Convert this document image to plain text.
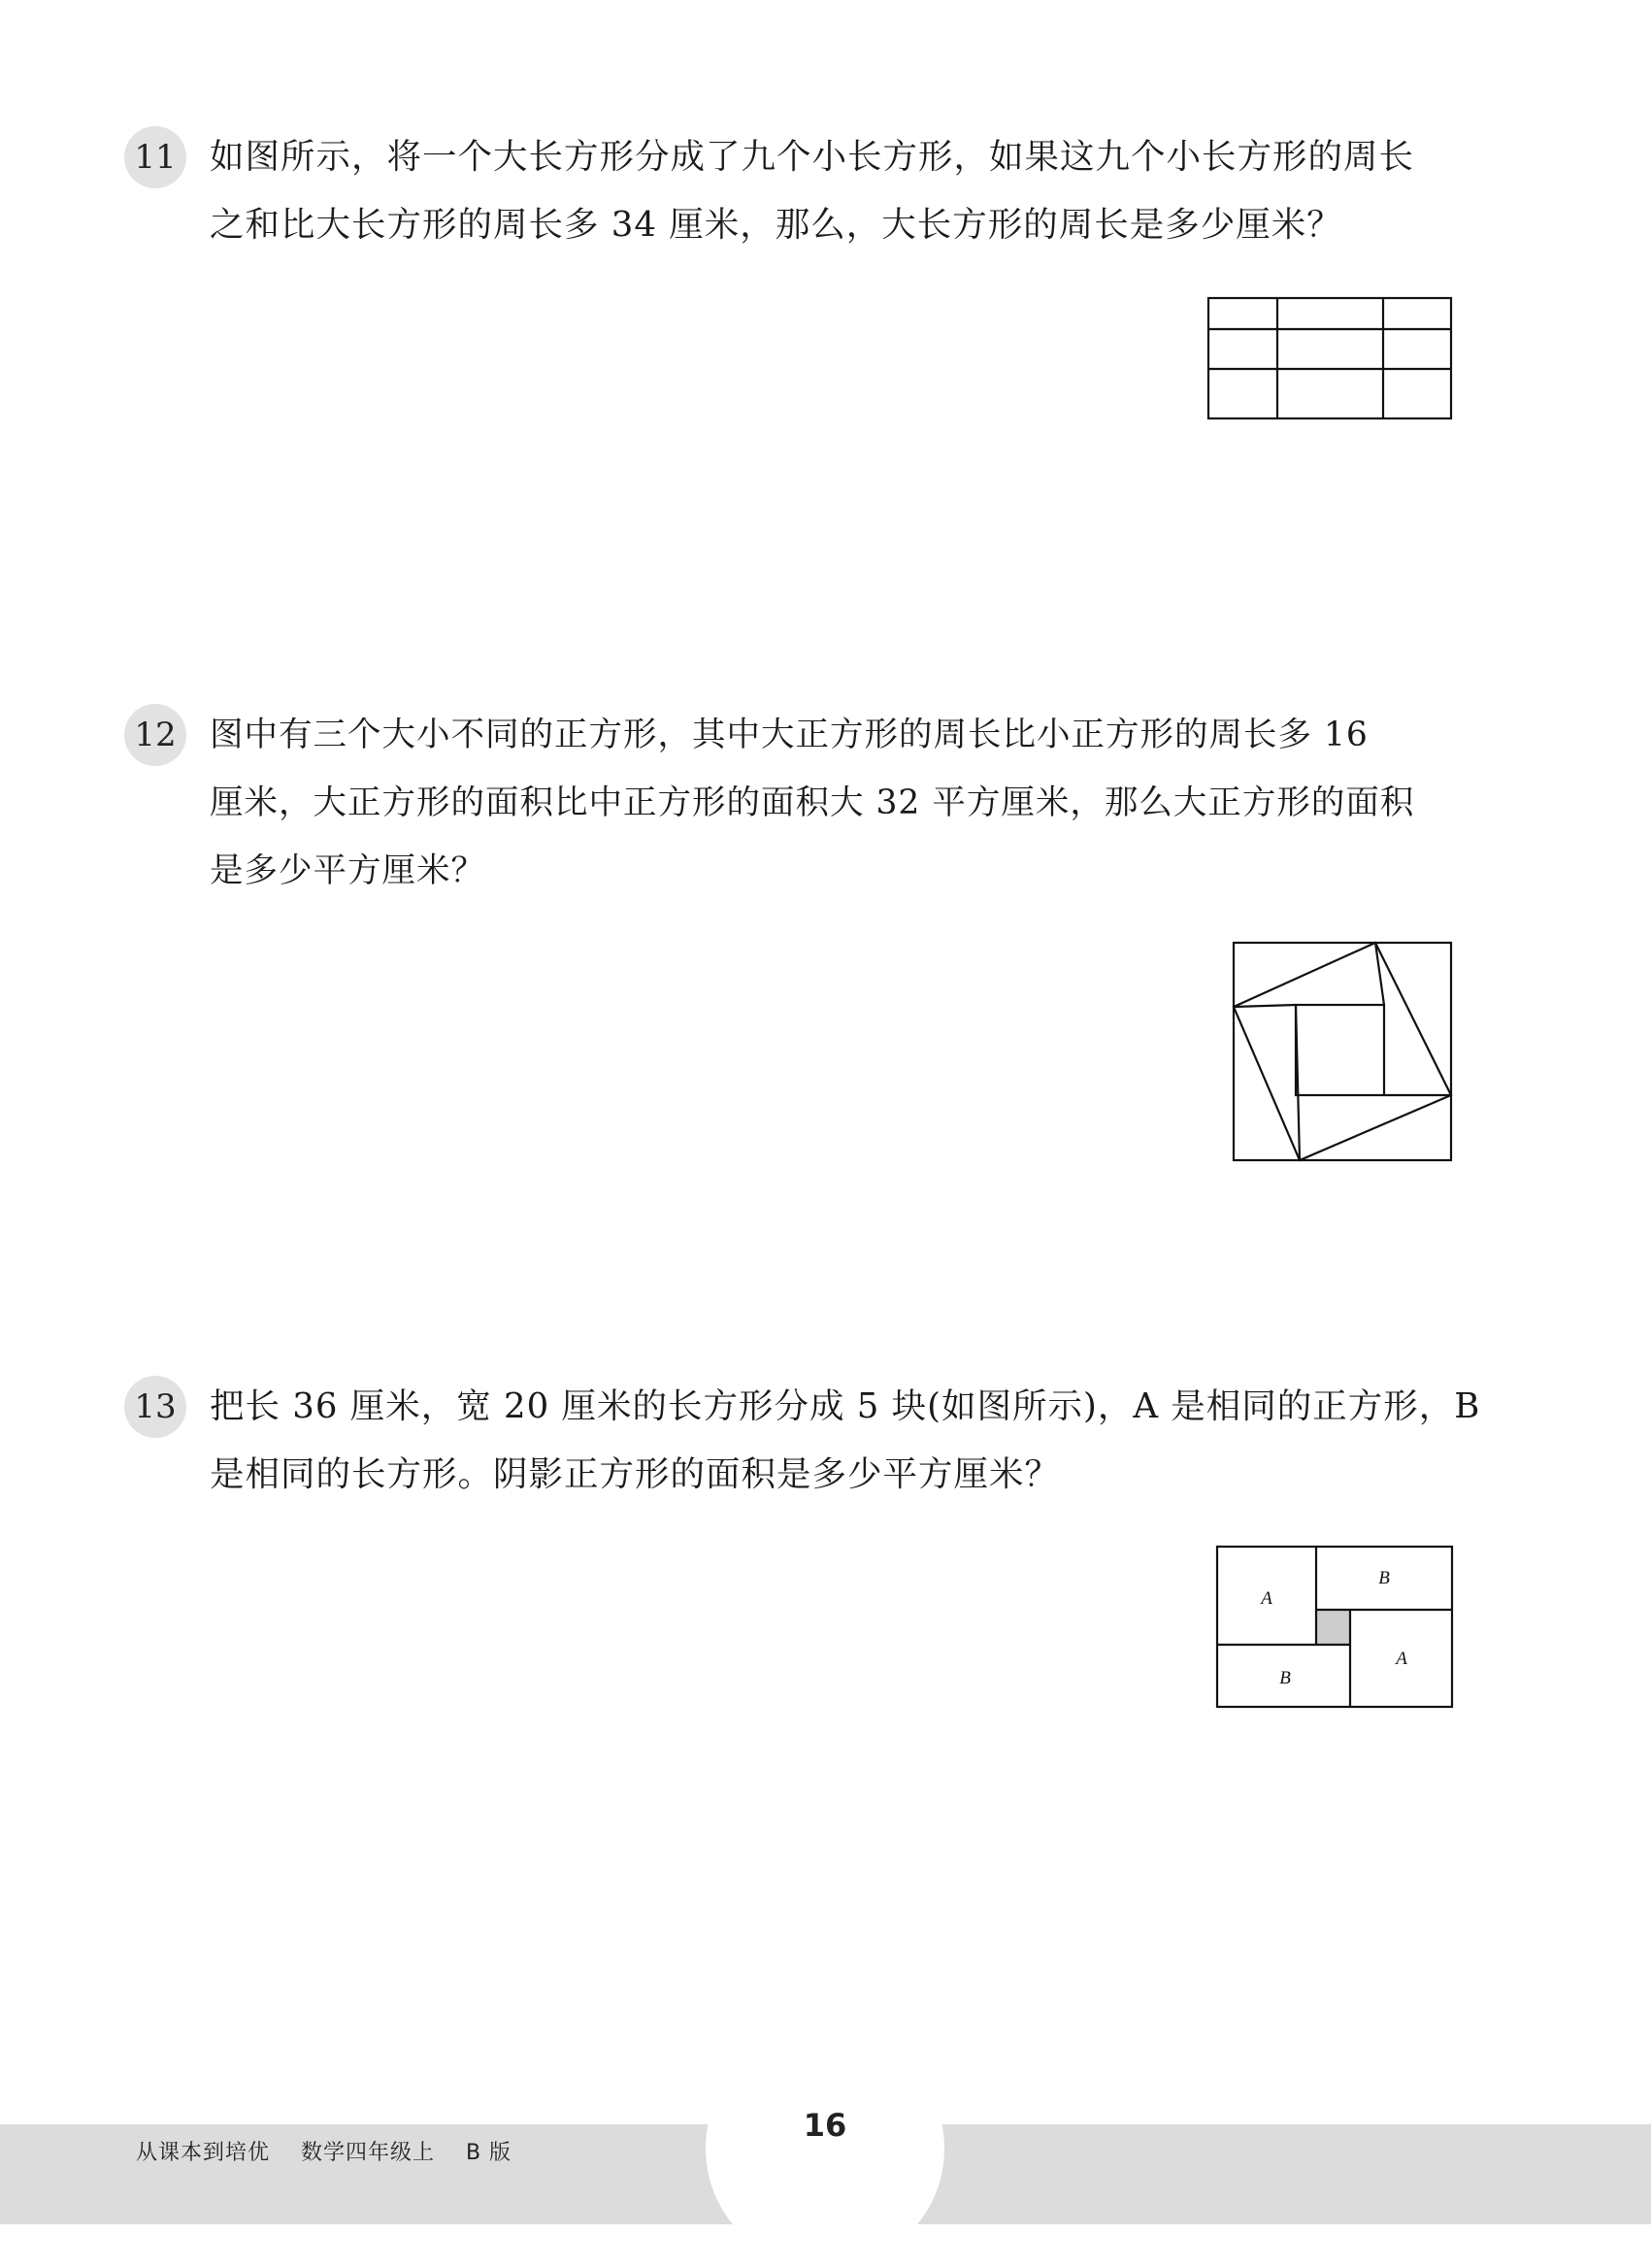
11 如图所示，将一个大长方形分成了九个小长方形，如果这九个小长方形的周长
之和比大长方形的周长多 34 厘米，那么，大长方形的周长是多少厘米？

12 图中有三个大小不同的正方形，其中大正方形的周长比小正方形的周长多 16
厘米，大正方形的面积比中正方形的面积大 32 平方厘米，那么大正方形的面积
是多少平方厘米？

13 把长 36 厘米，宽 20 厘米的长方形分成 5 块(如图所示)，A 是相同的正方形，B
是相同的长方形。阴影正方形的面积是多少平方厘米？

A
B
B
A
从课本到培优    数学四年级上    B 版
16
